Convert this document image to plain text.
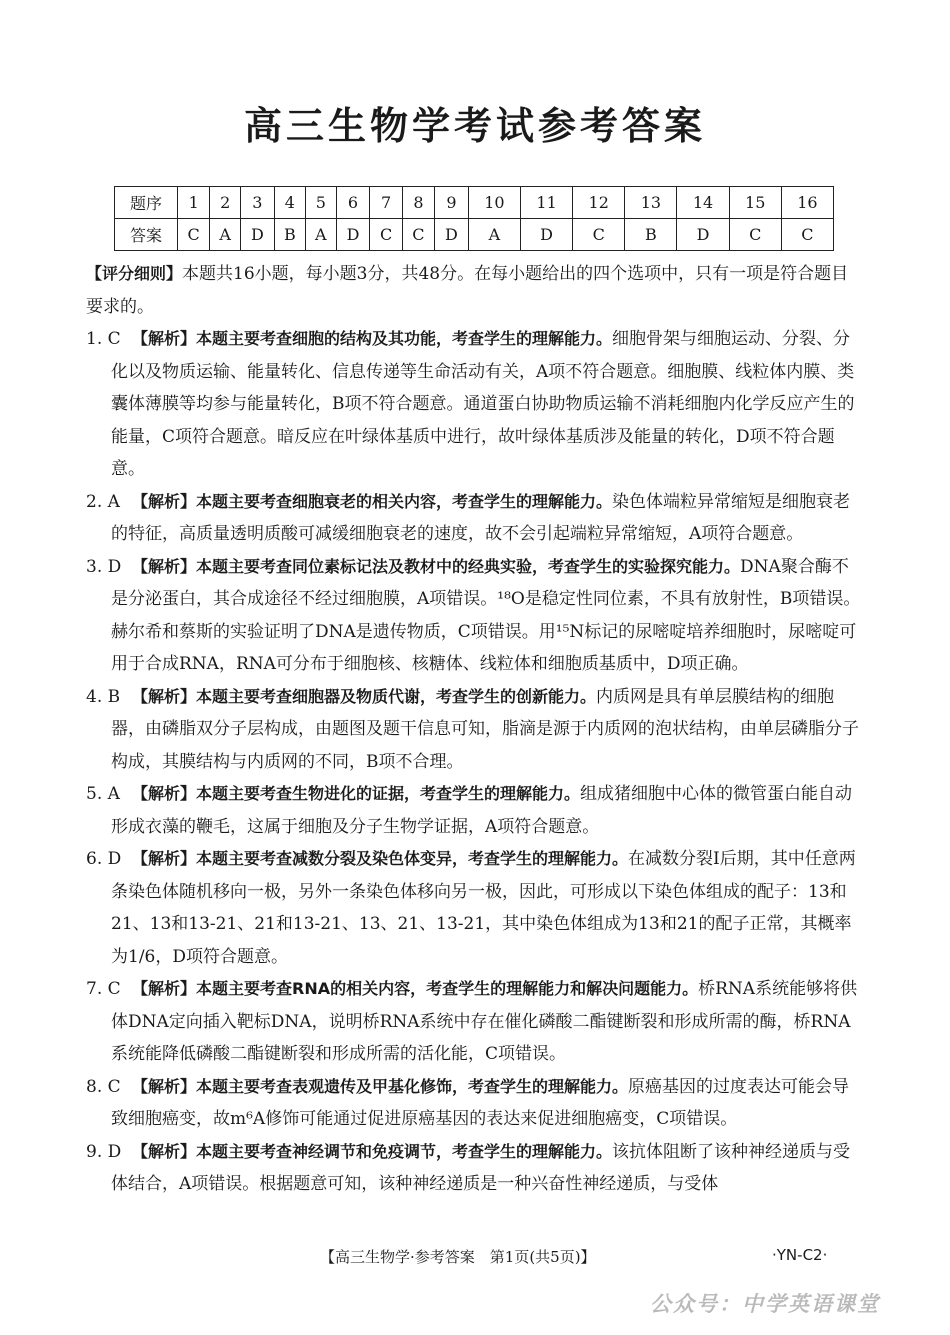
高三生物学考试参考答案
题序	1	2	3	4	5	6	7	8	9	10	11	12	13	14	15	16
答案	C	A	D	B	A	D	C	C	D	A	D	C	B	D	C	C

【评分细则】本题共16小题，每小题3分，共48分。在每小题给出的四个选项中，只有一项是符合题目要求的。

1. C 【解析】本题主要考查细胞的结构及其功能，考查学生的理解能力。细胞骨架与细胞运动、分裂、分化以及物质运输、能量转化、信息传递等生命活动有关，A项不符合题意。细胞膜、线粒体内膜、类囊体薄膜等均参与能量转化，B项不符合题意。通道蛋白协助物质运输不消耗细胞内化学反应产生的能量，C项符合题意。暗反应在叶绿体基质中进行，故叶绿体基质涉及能量的转化，D项不符合题意。

2. A 【解析】本题主要考查细胞衰老的相关内容，考查学生的理解能力。染色体端粒异常缩短是细胞衰老的特征，高质量透明质酸可减缓细胞衰老的速度，故不会引起端粒异常缩短，A项符合题意。

3. D 【解析】本题主要考查同位素标记法及教材中的经典实验，考查学生的实验探究能力。DNA聚合酶不是分泌蛋白，其合成途径不经过细胞膜，A项错误。¹⁸O是稳定性同位素，不具有放射性，B项错误。赫尔希和蔡斯的实验证明了DNA是遗传物质，C项错误。用¹⁵N标记的尿嘧啶培养细胞时，尿嘧啶可用于合成RNA，RNA可分布于细胞核、核糖体、线粒体和细胞质基质中，D项正确。

4. B 【解析】本题主要考查细胞器及物质代谢，考查学生的创新能力。内质网是具有单层膜结构的细胞器，由磷脂双分子层构成，由题图及题干信息可知，脂滴是源于内质网的泡状结构，由单层磷脂分子构成，其膜结构与内质网的不同，B项不合理。

5. A 【解析】本题主要考查生物进化的证据，考查学生的理解能力。组成猪细胞中心体的微管蛋白能自动形成衣藻的鞭毛，这属于细胞及分子生物学证据，A项符合题意。

6. D 【解析】本题主要考查减数分裂及染色体变异，考查学生的理解能力。在减数分裂Ⅰ后期，其中任意两条染色体随机移向一极，另外一条染色体移向另一极，因此，可形成以下染色体组成的配子：13和21、13和13-21、21和13-21、13、21、13-21，其中染色体组成为13和21的配子正常，其概率为1/6，D项符合题意。

7. C 【解析】本题主要考查RNA的相关内容，考查学生的理解能力和解决问题能力。桥RNA系统能够将供体DNA定向插入靶标DNA，说明桥RNA系统中存在催化磷酸二酯键断裂和形成所需的酶，桥RNA系统能降低磷酸二酯键断裂和形成所需的活化能，C项错误。

8. C 【解析】本题主要考查表观遗传及甲基化修饰，考查学生的理解能力。原癌基因的过度表达可能会导致细胞癌变，故m⁶A修饰可能通过促进原癌基因的表达来促进细胞癌变，C项错误。

9. D 【解析】本题主要考查神经调节和免疫调节，考查学生的理解能力。该抗体阻断了该种神经递质与受体结合，A项错误。根据题意可知，该种神经递质是一种兴奋性神经递质，与受体

【高三生物学·参考答案　第1页(共5页)】	·YN-C2·
公众号：中学英语课堂
